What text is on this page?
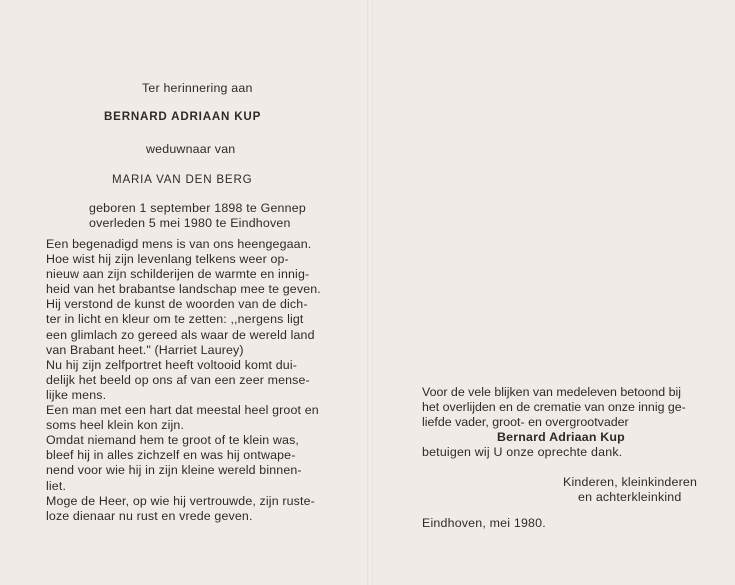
Ter herinnering aan
BERNARD ADRIAAN KUP
weduwnaar van
MARIA VAN DEN BERG
geboren 1 september 1898 te Gennep
overleden 5 mei 1980 te Eindhoven
Een begenadigd mens is van ons heengegaan.
Hoe wist hij zijn levenlang telkens weer op-
nieuw aan zijn schilderijen de warmte en innig-
heid van het brabantse landschap mee te geven.
Hij verstond de kunst de woorden van de dich-
ter in licht en kleur om te zetten: ,,nergens ligt
een glimlach zo gereed als waar de wereld land
van Brabant heet." (Harriet Laurey)
Nu hij zijn zelfportret heeft voltooid komt dui-
delijk het beeld op ons af van een zeer mense-
lijke mens.
Een man met een hart dat meestal heel groot en
soms heel klein kon zijn.
Omdat niemand hem te groot of te klein was,
bleef hij in alles zichzelf en was hij ontwape-
nend voor wie hij in zijn kleine wereld binnen-
liet.
Moge de Heer, op wie hij vertrouwde, zijn ruste-
loze dienaar nu rust en vrede geven.
Voor de vele blijken van medeleven betoond bij
het overlijden en de crematie van onze innig ge-
liefde vader, groot- en overgrootvader
Bernard Adriaan Kup
betuigen wij U onze oprechte dank.
Kinderen, kleinkinderen
en achterkleinkind
Eindhoven, mei 1980.
